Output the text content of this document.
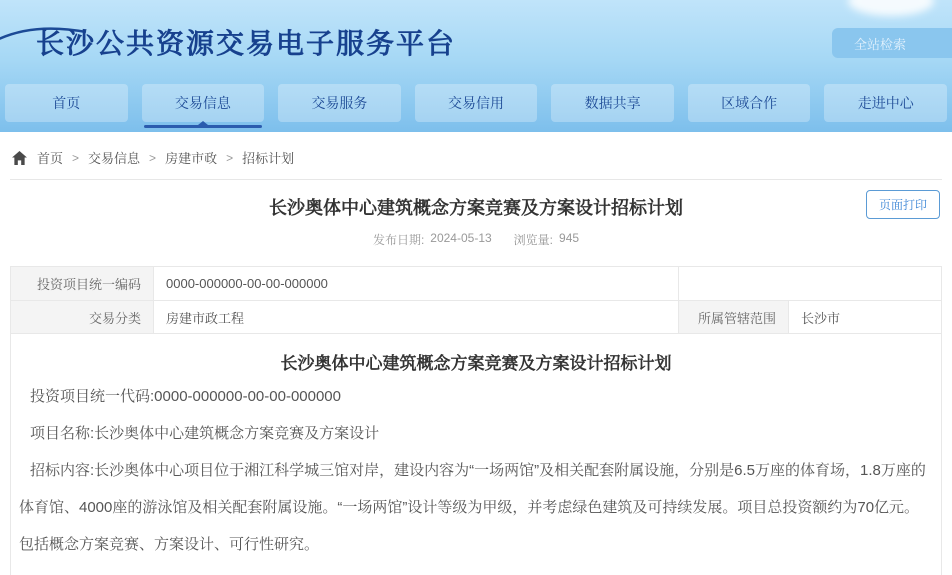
长沙公共资源交易电子服务平台	全站检索
首页	交易信息	交易服务	交易信用	数据共享	区域合作	走进中心
首页 > 交易信息 > 房建市政 > 招标计划
长沙奥体中心建筑概念方案竞赛及方案设计招标计划	页面打印
发布日期: 2024-05-13 浏览量: 945
投资项目统一编码	0000-000000-00-00-000000
交易分类	房建市政工程	所属管辖范围	长沙市
长沙奥体中心建筑概念方案竞赛及方案设计招标计划

投资项目统一代码:0000-000000-00-00-000000

项目名称:长沙奥体中心建筑概念方案竞赛及方案设计

招标内容:长沙奥体中心项目位于湘江科学城三馆对岸，建设内容为“一场两馆”及相关配套附属设施，分别是6.5万座的体育场，1.8万座的体育馆、4000座的游泳馆及相关配套附属设施。“一场两馆”设计等级为甲级，并考虑绿色建筑及可持续发展。项目总投资额约为70亿元。包括概念方案竞赛、方案设计、可行性研究。
